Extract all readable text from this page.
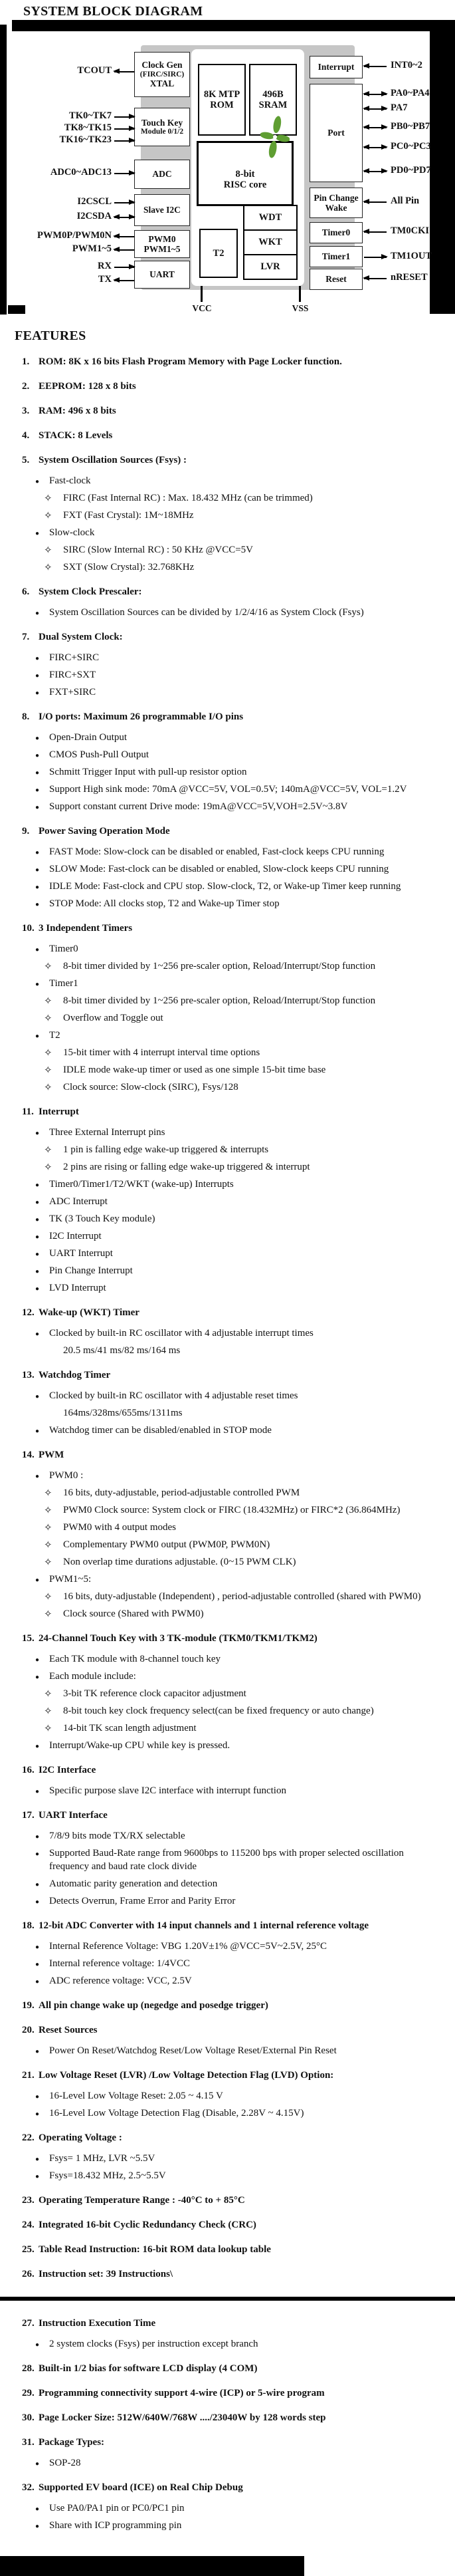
SYSTEM BLOCK DIAGRAM
Clock Gen
(FIRC/SIRC)
XTAL
Touch Key
Module 0/1/2
ADC
Slave I2C
PWM0
PWM1~5
UART
8K MTP
ROM
496B
SRAM
8-bit
RISC core
T2
WDT
WKT
LVR
Interrupt
Port
Pin Change
Wake
Timer0
Timer1
Reset
TCOUT
TK0~TK7
TK8~TK15
TK16~TK23
ADC0~ADC13
I2CSCL
I2CSDA
PWM0P/PWM0N
PWM1~5
RX
TX
INT0~2
PA0~PA4
PA7
PB0~PB7
PC0~PC3
PD0~PD7
All Pin
TM0CKI
TM1OUT
nRESET
VCC	VSS
FEATURES
1. ROM: 8K x 16 bits Flash Program Memory with Page Locker function.
2. EEPROM: 128 x 8 bits
3. RAM: 496 x 8 bits
4. STACK: 8 Levels
5. System Oscillation Sources (Fsys) :
● Fast-clock
✧ FIRC (Fast Internal RC) : Max. 18.432 MHz (can be trimmed)
✧ FXT (Fast Crystal): 1M~18MHz
● Slow-clock
✧ SIRC (Slow Internal RC) : 50 KHz @VCC=5V
✧ SXT (Slow Crystal): 32.768KHz
6. System Clock Prescaler:
● System Oscillation Sources can be divided by 1/2/4/16 as System Clock (Fsys)
7. Dual System Clock:
● FIRC+SIRC
● FIRC+SXT
● FXT+SIRC
8. I/O ports: Maximum 26 programmable I/O pins
● Open-Drain Output
● CMOS Push-Pull Output
● Schmitt Trigger Input with pull-up resistor option
● Support High sink mode: 70mA @VCC=5V, VOL=0.5V; 140mA@VCC=5V, VOL=1.2V
● Support constant current Drive mode: 19mA@VCC=5V,VOH=2.5V~3.8V
9. Power Saving Operation Mode
● FAST Mode: Slow-clock can be disabled or enabled, Fast-clock keeps CPU running
● SLOW Mode: Fast-clock can be disabled or enabled, Slow-clock keeps CPU running
● IDLE Mode: Fast-clock and CPU stop. Slow-clock, T2, or Wake-up Timer keep running
● STOP Mode: All clocks stop, T2 and Wake-up Timer stop
10. 3 Independent Timers
● Timer0
✧ 8-bit timer divided by 1~256 pre-scaler option, Reload/Interrupt/Stop function
● Timer1
✧ 8-bit timer divided by 1~256 pre-scaler option, Reload/Interrupt/Stop function
✧ Overflow and Toggle out
● T2
✧ 15-bit timer with 4 interrupt interval time options
✧ IDLE mode wake-up timer or used as one simple 15-bit time base
✧ Clock source: Slow-clock (SIRC), Fsys/128
11. Interrupt
● Three External Interrupt pins
✧ 1 pin is falling edge wake-up triggered & interrupts
✧ 2 pins are rising or falling edge wake-up triggered & interrupt
● Timer0/Timer1/T2/WKT (wake-up) Interrupts
● ADC Interrupt
● TK (3 Touch Key module)
● I2C Interrupt
● UART Interrupt
● Pin Change Interrupt
● LVD Interrupt
12. Wake-up (WKT) Timer
● Clocked by built-in RC oscillator with 4 adjustable interrupt times
20.5 ms/41 ms/82 ms/164 ms
13. Watchdog Timer
● Clocked by built-in RC oscillator with 4 adjustable reset times
164ms/328ms/655ms/1311ms
● Watchdog timer can be disabled/enabled in STOP mode
14. PWM
● PWM0 :
✧ 16 bits, duty-adjustable, period-adjustable controlled PWM
✧ PWM0 Clock source: System clock or FIRC (18.432MHz) or FIRC*2 (36.864MHz)
✧ PWM0 with 4 output modes
✧ Complementary PWM0 output (PWM0P, PWM0N)
✧ Non overlap time durations adjustable. (0~15 PWM CLK)
● PWM1~5:
✧ 16 bits, duty-adjustable (Independent) , period-adjustable controlled (shared with PWM0)
✧ Clock source (Shared with PWM0)
15. 24-Channel Touch Key with 3 TK-module (TKM0/TKM1/TKM2)
● Each TK module with 8-channel touch key
● Each module include:
✧ 3-bit TK reference clock capacitor adjustment
✧ 8-bit touch key clock frequency select(can be fixed frequency or auto change)
✧ 14-bit TK scan length adjustment
● Interrupt/Wake-up CPU while key is pressed.
16. I2C Interface
● Specific purpose slave I2C interface with interrupt function
17. UART Interface
● 7/8/9 bits mode TX/RX selectable
● Supported Baud-Rate range from 9600bps to 115200 bps with proper selected oscillation frequency and baud rate clock divide
● Automatic parity generation and detection
● Detects Overrun, Frame Error and Parity Error
18. 12-bit ADC Converter with 14 input channels and 1 internal reference voltage
● Internal Reference Voltage: VBG 1.20V±1% @VCC=5V~2.5V, 25°C
● Internal reference voltage: 1/4VCC
● ADC reference voltage: VCC, 2.5V
19. All pin change wake up (negedge and posedge trigger)
20. Reset Sources
● Power On Reset/Watchdog Reset/Low Voltage Reset/External Pin Reset
21. Low Voltage Reset (LVR) /Low Voltage Detection Flag (LVD) Option:
● 16-Level Low Voltage Reset: 2.05 ~ 4.15 V
● 16-Level Low Voltage Detection Flag (Disable, 2.28V ~ 4.15V)
22. Operating Voltage :
● Fsys= 1 MHz, LVR ~5.5V
● Fsys=18.432 MHz, 2.5~5.5V
23. Operating Temperature Range : -40°C to + 85°C
24. Integrated 16-bit Cyclic Redundancy Check (CRC)
25. Table Read Instruction: 16-bit ROM data lookup table
26. Instruction set: 39 Instructions\
27. Instruction Execution Time
● 2 system clocks (Fsys) per instruction except branch
28. Built-in 1/2 bias for software LCD display (4 COM)
29. Programming connectivity support 4-wire (ICP) or 5-wire program
30. Page Locker Size: 512W/640W/768W ..../23040W by 128 words step
31. Package Types:
● SOP-28
32. Supported EV board (ICE) on Real Chip Debug
● Use PA0/PA1 pin or PC0/PC1 pin
● Share with ICP programming pin
